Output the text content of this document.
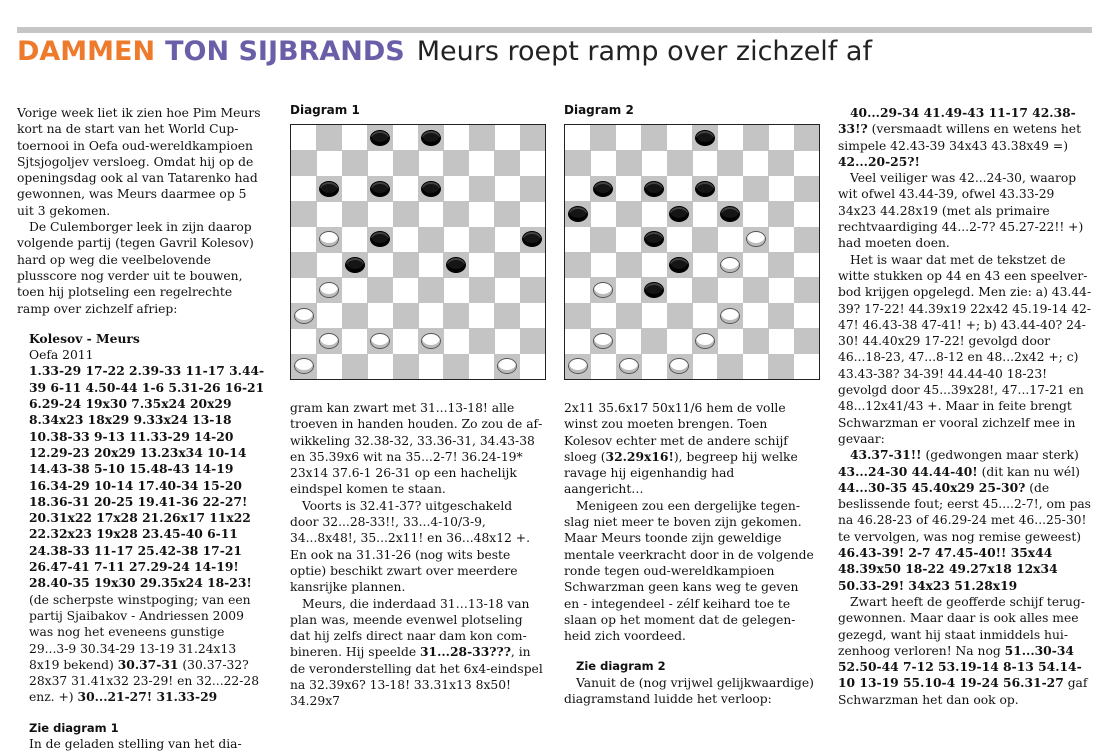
DAMMEN TON SIJBRANDS Meurs roept ramp over zichzelf af

Vorige week liet ik zien hoe Pim Meurs kort na de start van het World Cup-toernooi in Oefa oud-wereldkampioen Sjtsjogoljev versloeg. Omdat hij op de openingsdag ook al van Tatarenko had gewonnen, was Meurs daarmee op 5 uit 3 gekomen.

De Culemborger leek in zijn daarop volgende partij (tegen Gavril Kolesov) hard op weg die veelbelovende plusscore nog verder uit te bouwen, toen hij plotseling een regelrechte ramp over zichzelf afriep:

Kolesov - Meurs

Oefa 2011

1.33-29 17-22 2.39-33 11-17 3.44-39 6-11 4.50-44 1-6 5.31-26 16-21 6.29-24 19x30 7.35x24 20x29 8.34x23 18x29 9.33x24 13-18 10.38-33 9-13 11.33-29 14-20 12.29-23 20x29 13.23x34 10-14 14.43-38 5-10 15.48-43 14-19 16.34-29 10-14 17.40-34 15-20 18.36-31 20-25 19.41-36 22-27! 20.31x22 17x28 21.26x17 11x22 22.32x23 19x28 23.45-40 6-11 24.38-33 11-17 25.42-38 17-21 26.47-41 7-11 27.29-24 14-19! 28.40-35 19x30 29.35x24 18-23! (de scherpste winstpoging; van een partij Sjaibakov - Andriessen 2009 was nog het eveneens gunstige 29...3-9 30.34-29 13-19 31.24x13 8x19 bekend) 30.37-31 (30.37-32? 28x37 31.41x32 23-29! en 32...22-28 enz. +) 30...21-27! 31.33-29

Zie diagram 1

In de geladen stelling van het dia-

Diagram 1

gram kan zwart met 31...13-18! alle troeven in handen houden. Zo zou de afwikkeling 32.38-32, 33.36-31, 34.43-38 en 35.39x6 wit na 35...2-7! 36.24-19* 23x14 37.6-1 26-31 op een hachelijk eindspel komen te staan.

Voorts is 32.41-37? uitgeschakeld door 32...28-33!!, 33...4-10/3-9, 34...8x48!, 35...2x11! en 36...48x12 +. En ook na 31.31-26 (nog wits beste optie) beschikt zwart over meerdere kansrijke plannen.

Meurs, die inderdaad 31…13-18 van plan was, meende evenwel plotseling dat hij zelfs direct naar dam kon combineren. Hij speelde 31...28-33???, in de veronderstelling dat het 6x4-eindspel na 32.39x6? 13-18! 33.31x13 8x50! 34.29x7

Diagram 2

2x11 35.6x17 50x11/6 hem de volle winst zou moeten brengen. Toen Kolesov echter met de andere schijf sloeg (32.29x16!), begreep hij welke ravage hij eigenhandig had aangericht…

Menigeen zou een dergelijke tegenslag niet meer te boven zijn gekomen. Maar Meurs toonde zijn geweldige mentale veerkracht door in de volgende ronde tegen oud-wereldkampioen Schwarzman geen kans weg te geven en - integendeel - zélf keihard toe te slaan op het moment dat de gelegenheid zich voordeed.

Zie diagram 2

Vanuit de (nog vrijwel gelijkwaardige) diagramstand luidde het verloop:

40...29-34 41.49-43 11-17 42.38-33!? (versmaadt willens en wetens het simpele 42.43-39 34x43 43.38x49 =) 42...20-25?!

Veel veiliger was 42...24-30, waarop wit ofwel 43.44-39, ofwel 43.33-29 34x23 44.28x19 (met als primaire rechtvaardiging 44...2-7? 45.27-22!! +) had moeten doen.

Het is waar dat met de tekstzet de witte stukken op 44 en 43 een speelverbod krijgen opgelegd. Men zie: a) 43.44-39? 17-22! 44.39x19 22x42 45.19-14 42-47! 46.43-38 47-41! +; b) 43.44-40? 24-30! 44.40x29 17-22! gevolgd door 46...18-23, 47...8-12 en 48...2x42 +; c) 43.43-38? 34-39! 44.44-40 18-23! gevolgd door 45...39x28!, 47...17-21 en 48...12x41/43 +. Maar in feite brengt Schwarzman er vooral zichzelf mee in gevaar:

43.37-31!! (gedwongen maar sterk) 43...24-30 44.44-40! (dit kan nu wél) 44...30-35 45.40x29 25-30? (de beslissende fout; eerst 45....2-7!, om pas na 46.28-23 of 46.29-24 met 46...25-30! te vervolgen, was nog remise geweest) 46.43-39! 2-7 47.45-40!! 35x44 48.39x50 18-22 49.27x18 12x34 50.33-29! 34x23 51.28x19

Zwart heeft de geofferde schijf teruggewonnen. Maar daar is ook alles mee gezegd, want hij staat inmiddels huizenhoog verloren! Na nog 51...30-34 52.50-44 7-12 53.19-14 8-13 54.14-10 13-19 55.10-4 19-24 56.31-27 gaf Schwarzman het dan ook op.
